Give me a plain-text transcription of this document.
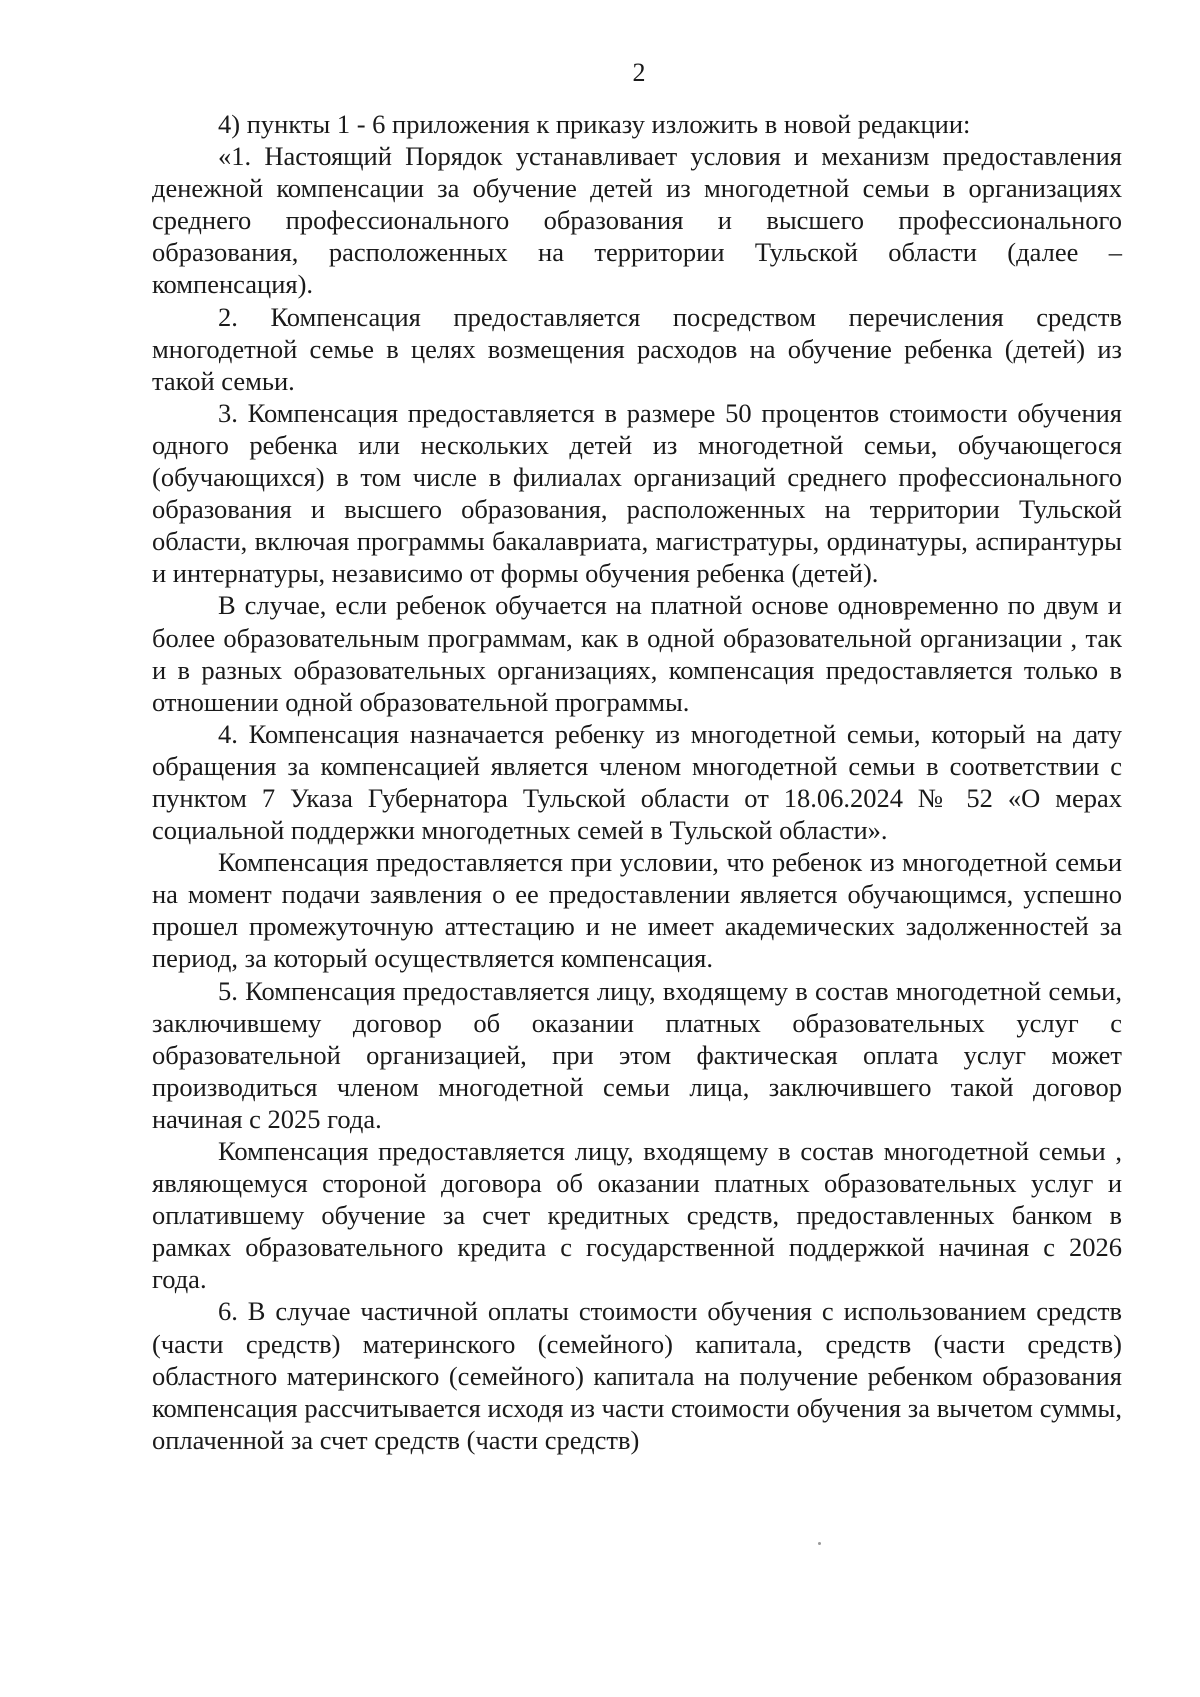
2

4) пункты 1 - 6 приложения к приказу изложить в новой редакции:

«1. Настоящий Порядок устанавливает условия и механизм предоставления денежной компенсации за обучение детей из многодетной семьи в организациях среднего профессионального образования и высшего профессионального образования, расположенных на территории Тульской области (далее – компенсация).

2. Компенсация предоставляется посредством перечисления средств многодетной семье в целях возмещения расходов на обучение ребенка (детей) из такой семьи.

3. Компенсация предоставляется в размере 50 процентов стоимости обучения одного ребенка или нескольких детей из многодетной семьи, обучающегося (обучающихся) в том числе в филиалах организаций среднего профессионального образования и высшего образования, расположенных на территории Тульской области, включая программы бакалавриата, магистратуры, ординатуры, аспирантуры и интернатуры, независимо от формы обучения ребенка (детей).

В случае, если ребенок обучается на платной основе одновременно по двум и более образовательным программам, как в одной образовательной организации , так и в разных образовательных организациях, компенсация предоставляется только в отношении одной образовательной программы.

4. Компенсация назначается ребенку из многодетной семьи, который на дату обращения за компенсацией является членом многодетной семьи в соответствии с пунктом 7 Указа Губернатора Тульской области от 18.06.2024 № 52 «О мерах социальной поддержки многодетных семей в Тульской области».

Компенсация предоставляется при условии, что ребенок из многодетной семьи на момент подачи заявления о ее предоставлении является обучающимся, успешно прошел промежуточную аттестацию и не имеет академических задолженностей за период, за который осуществляется компенсация.

5. Компенсация предоставляется лицу, входящему в состав многодетной семьи, заключившему договор об оказании платных образовательных услуг с образовательной организацией, при этом фактическая оплата услуг может производиться членом многодетной семьи лица, заключившего такой договор начиная с 2025 года.

Компенсация предоставляется лицу, входящему в состав многодетной семьи , являющемуся стороной договора об оказании платных образовательных услуг и оплатившему обучение за счет кредитных средств, предоставленных банком в рамках образовательного кредита с государственной поддержкой начиная с 2026 года.

6. В случае частичной оплаты стоимости обучения с использованием средств (части средств) материнского (семейного) капитала, средств (части средств) областного материнского (семейного) капитала на получение ребенком образования компенсация рассчитывается исходя из части стоимости обучения за вычетом суммы, оплаченной за счет средств (части средств)
